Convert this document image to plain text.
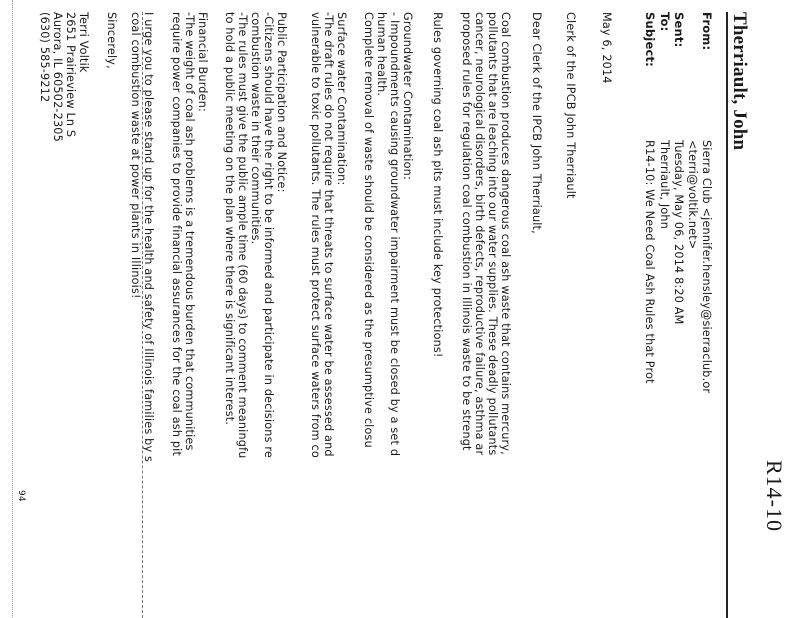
R14-10
Therriault, John
From:
Sierra Club <jennifer.hensley@sierraclub.or
<terri@voltik.net>
Sent:
Tuesday, May 06, 2014 8:20 AM
To:
Therriault, John
Subject:
R14-10: We Need Coal Ash Rules that Prot
May 6, 2014
Clerk of the IPCB John Therriault
Dear Clerk of the IPCB John Therriault,
Coal combustion produces dangerous coal ash waste that contains mercury,
pollutants that are leaching into our water supplies. These deadly pollutants
cancer, neurological disorders, birth defects, reproductive failure, asthma ar
proposed rules for regulation coal combustion in Illinois waste to be strengt
Rules governing coal ash pits must include key protections!
Groundwater Contamination:
- Impoundments causing groundwater impairment must be closed by a set d
human health.
Complete removal of waste should be considered as the presumptive closu
Surface water Contamination:
-The draft rules do not require that threats to surface water be assessed and
vulnerable to toxic pollutants. The rules must protect surface waters from co
Public Participation and Notice:
-Citizens should have the right to be informed and participate in decisions re
combustion waste in their communities.
-The rules must give the public ample time (60 days) to comment meaningfu
to hold a public meeting on the plan where there is significant interest.
Financial Burden:
-The weight of coal ash problems is a tremendous burden that communities
require power companies to provide financial assurances for the coal ash pit
I urge you to please stand up for the health and safety of Illinois families by s
coal combustion waste at power plants in Illinois!
Sincerely,
Terri Voltik
2651 Prairieview Ln S
Aurora, IL 60502-2305
(630) 585-9212
94
